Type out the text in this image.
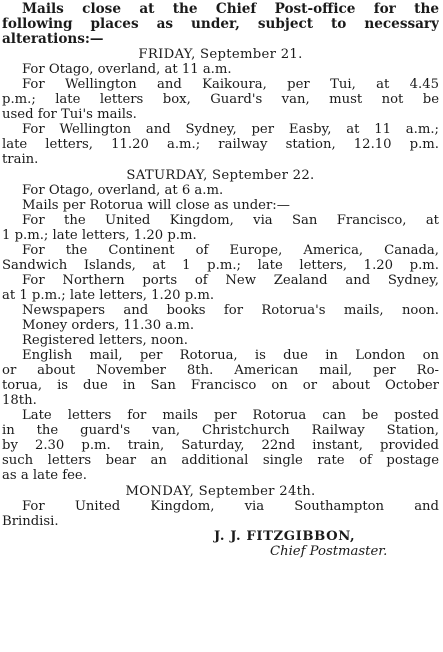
Mails close at the Chief Post-office for the
following places as under, subject to necessary
alterations:—
FRIDAY, September 21.
For Otago, overland, at 11 a.m.
For Wellington and Kaikoura, per Tui, at 4.45
p.m.; late letters box, Guard's van, must not be
used for Tui's mails.
For Wellington and Sydney, per Easby, at 11 a.m.;
late letters, 11.20 a.m.; railway station, 12.10 p.m.
train.
SATURDAY, September 22.
For Otago, overland, at 6 a.m.
Mails per Rotorua will close as under:—
For the United Kingdom, via San Francisco, at
1 p.m.; late letters, 1.20 p.m.
For the Continent of Europe, America, Canada,
Sandwich Islands, at 1 p.m.; late letters, 1.20 p.m.
For Northern ports of New Zealand and Sydney,
at 1 p.m.; late letters, 1.20 p.m.
Newspapers and books for Rotorua's mails, noon.
Money orders, 11.30 a.m.
Registered letters, noon.
English mail, per Rotorua, is due in London on
or about November 8th. American mail, per Ro-
torua, is due in San Francisco on or about October
18th.
Late letters for mails per Rotorua can be posted
in the guard's van, Christchurch Railway Station,
by 2.30 p.m. train, Saturday, 22nd instant, provided
such letters bear an additional single rate of postage
as a late fee.
MONDAY, September 24th.
For United Kingdom, via Southampton and
Brindisi.
J. J. FITZGIBBON,
Chief Postmaster.
